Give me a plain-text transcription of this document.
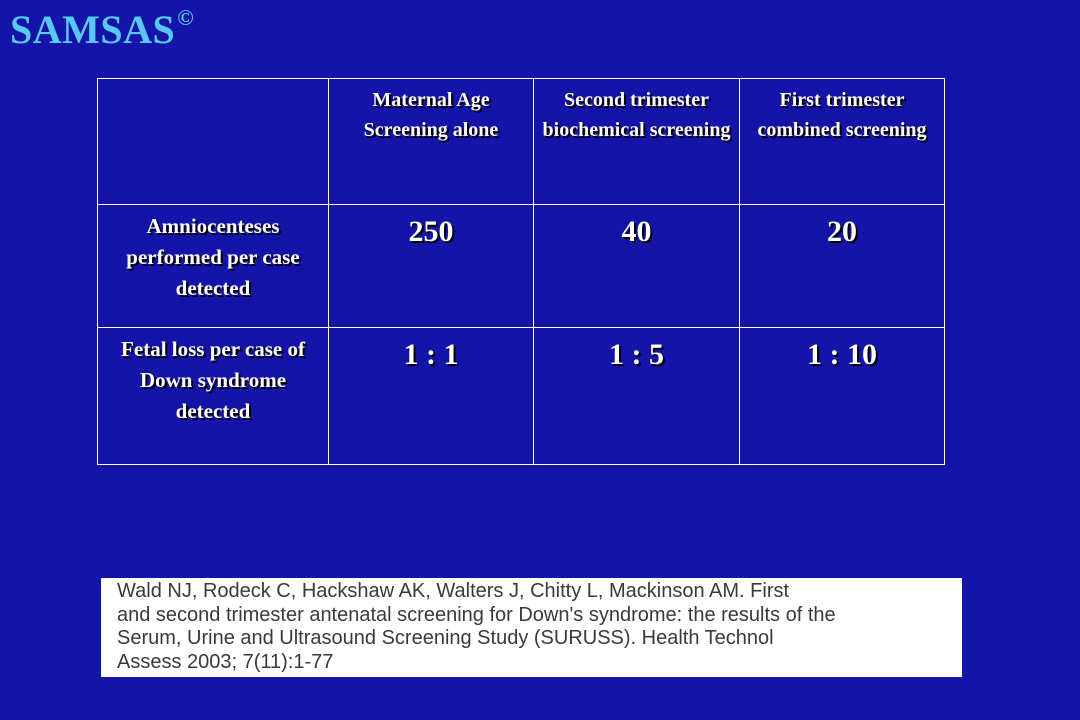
SAMSAS©

	Maternal Age Screening alone	Second trimester biochemical screening	First trimester combined screening

Amniocenteses performed per case detected	250	40	20

Fetal loss per case of Down syndrome detected	1 : 1	1 : 5	1 : 10
Wald NJ, Rodeck C, Hackshaw AK, Walters J, Chitty L, Mackinson AM. First
and second trimester antenatal screening for Down's syndrome: the results of the
Serum, Urine and Ultrasound Screening Study (SURUSS). Health Technol
Assess 2003; 7(11):1-77
